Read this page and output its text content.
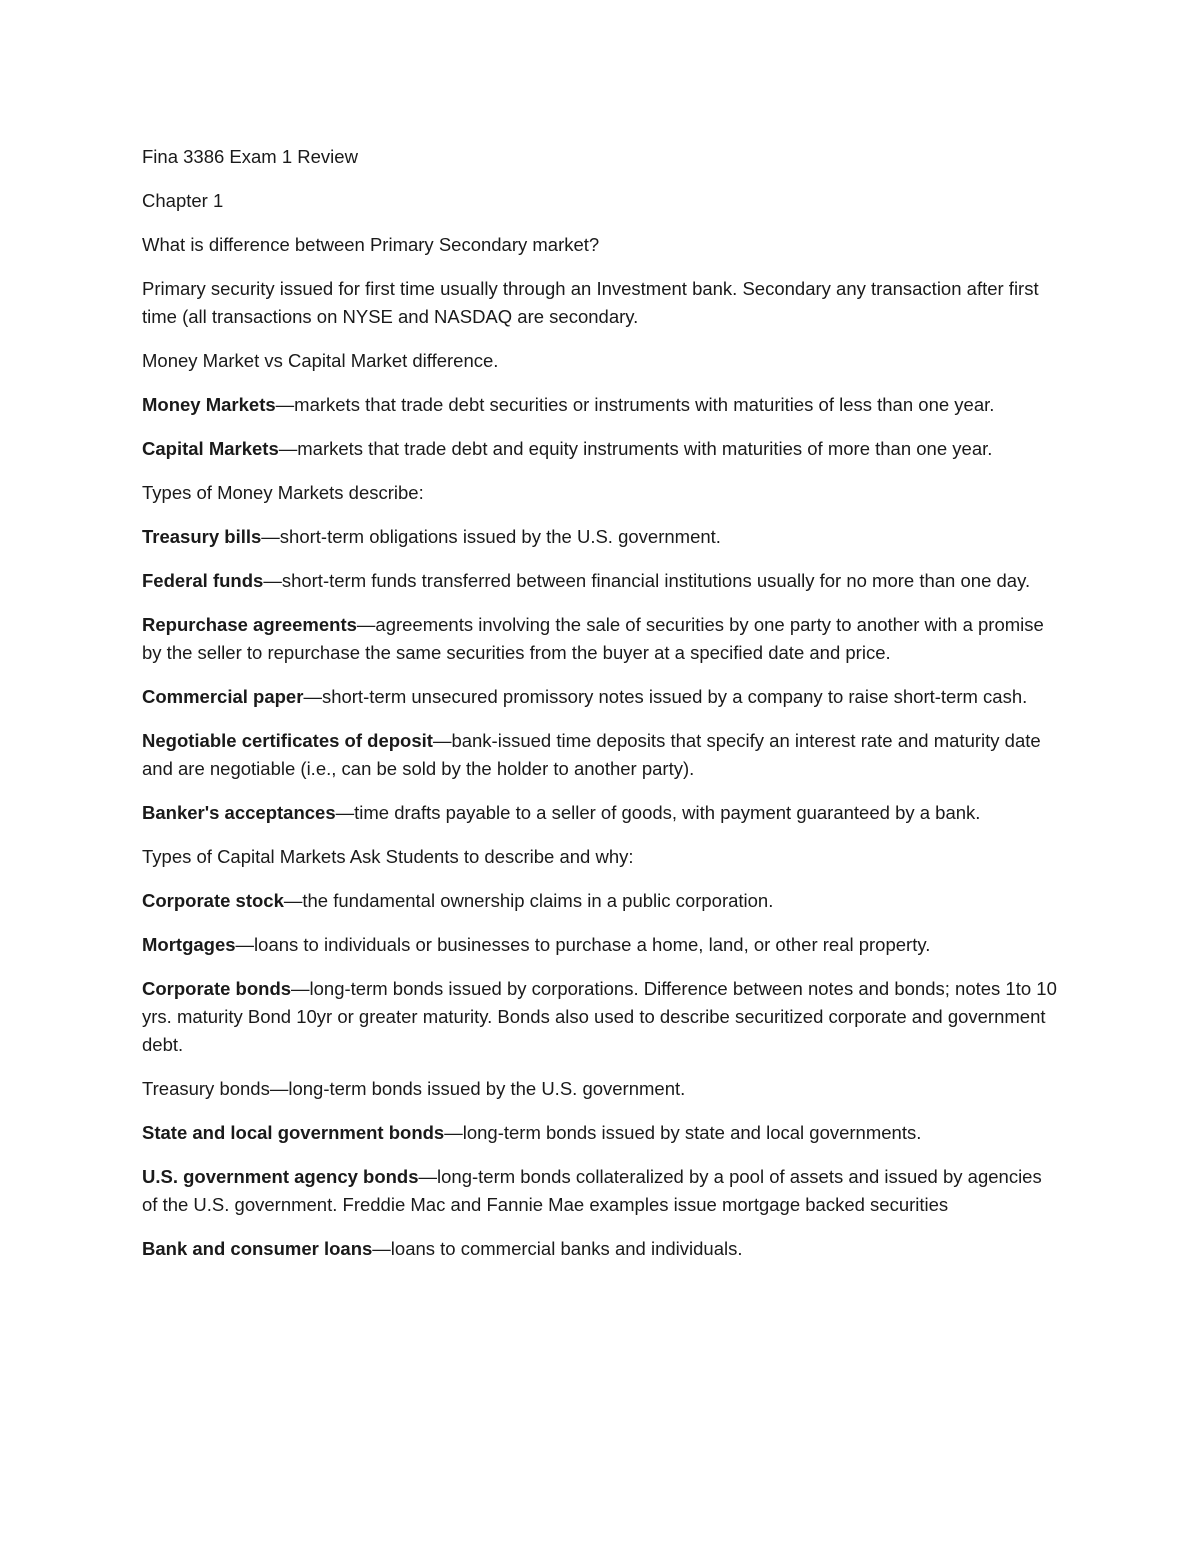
Fina 3386 Exam 1 Review

Chapter 1

What is difference between Primary Secondary market?

Primary security issued for first time usually through an Investment bank. Secondary any transaction after first time (all transactions on NYSE and NASDAQ are secondary.

Money Market vs Capital Market difference.

Money Markets—markets that trade debt securities or instruments with maturities of less than one year.

Capital Markets—markets that trade debt and equity instruments with maturities of more than one year.

Types of Money Markets describe:

Treasury bills—short-term obligations issued by the U.S. government.

Federal funds—short-term funds transferred between financial institutions usually for no more than one day.

Repurchase agreements—agreements involving the sale of securities by one party to another with a promise by the seller to repurchase the same securities from the buyer at a specified date and price.

Commercial paper—short-term unsecured promissory notes issued by a company to raise short-term cash.

Negotiable certificates of deposit—bank-issued time deposits that specify an interest rate and maturity date and are negotiable (i.e., can be sold by the holder to another party).

Banker's acceptances—time drafts payable to a seller of goods, with payment guaranteed by a bank.

Types of Capital Markets Ask Students to describe and why:

Corporate stock—the fundamental ownership claims in a public corporation.

Mortgages—loans to individuals or businesses to purchase a home, land, or other real property.

Corporate bonds—long-term bonds issued by corporations. Difference between notes and bonds; notes 1to 10 yrs. maturity Bond 10yr or greater maturity. Bonds also used to describe securitized corporate and government debt.

Treasury bonds—long-term bonds issued by the U.S. government.

State and local government bonds—long-term bonds issued by state and local governments.

U.S. government agency bonds—long-term bonds collateralized by a pool of assets and issued by agencies of the U.S. government. Freddie Mac and Fannie Mae examples issue mortgage backed securities

Bank and consumer loans—loans to commercial banks and individuals.
